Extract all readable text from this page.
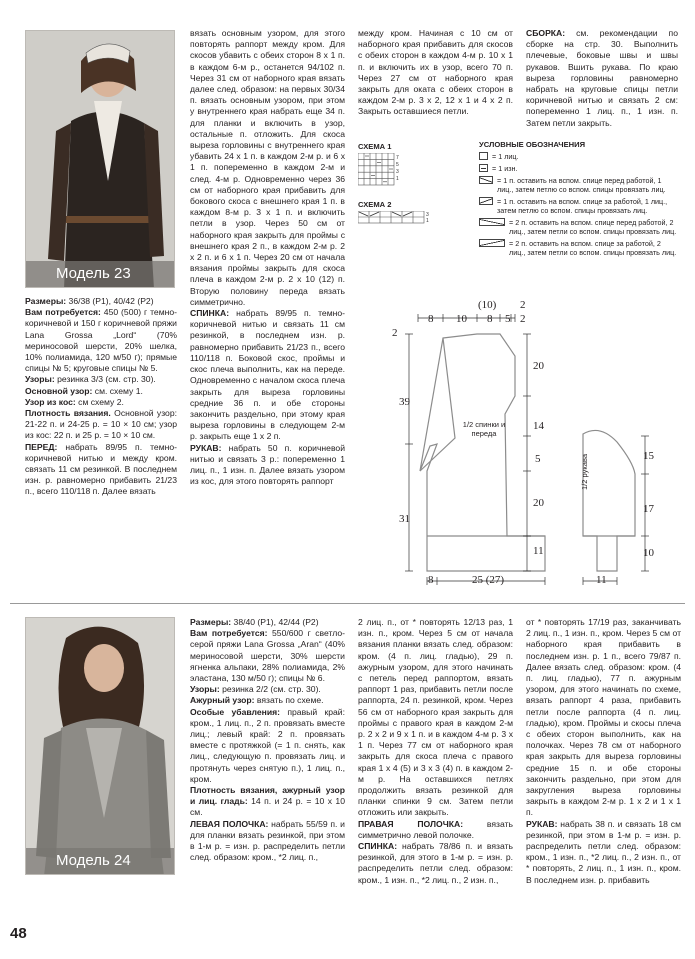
Модель 23

Размеры: 36/38 (P1), 40/42 (P2)

Вам потребуется: 450 (500) г темно-коричневой и 150 г коричневой пряжи Lana Grossa „Lord“ (70% мериносовой шерсти, 20% шелка, 10% полиамида, 120 м/50 г); прямые спицы № 5; круговые спицы № 5.

Узоры: резинка 3/3 (см. стр. 30).

Основной узор: см. схему 1.

Узор из кос: см схему 2.

Плотность вязания. Основной узор: 21-22 п. и 24-25 р. = 10 × 10 см; узор из кос: 22 п. и 25 р. = 10 × 10 см.

ПЕРЕД: набрать 89/95 п. темно-коричневой нитью и между кром. связать 11 см резинкой. В последнем изн. р. равномерно прибавить 21/23 п., всего 110/118 п. Далее вязать

вязать основным узором, для этого повторять раппорт между кром. Для скосов убавить с обеих сторон 8 х 1 п. в каждом 6-м р., останется 94/102 п. Через 31 см от наборного края вязать далее след. образом: на первых 30/34 п. вязать основным узором, при этом у внутреннего края набрать еще 34 п. для планки и включить в узор, остальные п. отложить. Для скоса выреза горловины с внутреннего края убавить 24 х 1 п. в каждом 2-м р. и 6 х 1 п. попеременно в каждом 2-м и след. 4-м р. Одновременно через 36 см от наборного края прибавить для бокового скоса с внешнего края 1 п. в каждом 8-м р. 3 х 1 п. и включить петли в узор. Через 50 см от наборного края закрыть для проймы с внешнего края 2 п., в каждом 2-м р. 2 х 2 п. и 6 х 1 п. Через 20 см от начала вязания проймы закрыть для скоса плеча в каждом 2-м р. 2 х 10 (12) п. Вторую половину переда вязать симметрично.

СПИНКА: набрать 89/95 п. темно-коричневой нитью и связать 11 см резинкой, в последнем изн. р. равномерно прибавить 21/23 п., всего 110/118 п. Боковой скос, проймы и скос плеча выполнить, как на переде. Одновременно с началом скоса плеча закрыть для выреза горловины средние 36 п. и обе стороны закончить раздельно, при этому края выреза горловины в следующем 2-м р. закрыть еще 1 х 2 п.

РУКАВ: набрать 50 п. коричневой нитью и связать 3 р.: попеременно 1 лиц. п., 1 изн. п. Далее вязать узором из кос, для этого повторять раппорт

между кром. Начиная с 10 см от наборного края прибавить для скосов с обеих сторон в каждом 4-м р. 10 х 1 п. и включить их в узор, всего 70 п. Через 27 см от наборного края закрыть для оката с обеих сторон в каждом 2-м р. 3 х 2, 12 х 1 и 4 х 2 п. Закрыть оставшиеся петли.

СБОРКА: см. рекомендации по сборке на стр. 30. Выполнить плечевые, боковые швы и швы рукавов. Вшить рукава. По краю выреза горловины равномерно набрать на круговые спицы петли коричневой нитью и связать 2 см: попеременно 1 лиц. п., 1 изн. п. Затем петли закрыть.

СХЕМА 1
7
5
3
1
СХЕМА 2
3
1
УСЛОВНЫЕ ОБОЗНАЧЕНИЯ
= 1 лиц.
= 1 изн.
= 1 п. оставить на вспом. спице перед работой, 1 лиц., затем петлю со вспом. спицы провязать лиц.
= 1 п. оставить на вспом. спице за работой, 1 лиц., затем петлю со вспом. спицы провязать лиц.
= 2 п. оставить на вспом. спице перед работой, 2 лиц., затем петли со вспом. спицы провязать лиц.
= 2 п. оставить на вспом. спице за работой, 2 лиц., затем петли со вспом. спицы провязать лиц.
8 10 8 5 2
(10) 2
2
39
31
20
14
5
20
11
1/2 спинки и переда
1/2 рукава	15
17
10
8	25 (27)	11
Модель 24

Размеры: 38/40 (P1), 42/44 (P2)

Вам потребуется: 550/600 г светло-серой пряжи Lana Grossa „Aran“ (40% мериносовой шерсти, 30% шерсти ягненка альпаки, 28% полиамида, 2% эластана, 130 м/50 г); спицы № 6.

Узоры: резинка 2/2 (см. стр. 30).

Ажурный узор: вязать по схеме.

Особые убавления: правый край: кром., 1 лиц. п., 2 п. провязать вместе лиц.; левый край: 2 п. провязать вместе с протяжкой (= 1 п. снять, как лиц., следующую п. провязать лиц. и протянуть через снятую п.), 1 лиц. п., кром.

Плотность вязания, ажурный узор и лиц. гладь: 14 п. и 24 р. = 10 х 10 см.

ЛЕВАЯ ПОЛОЧКА: набрать 55/59 п. и для планки вязать резинкой, при этом в 1-м р. = изн. р. распределить петли след. образом: кром., *2 лиц. п.,

2 лиц. п., от * повторять 12/13 раз, 1 изн. п., кром. Через 5 см от начала вязания планки вязать след. образом: кром. (4 п. лиц. гладью), 29 п. ажурным узором, для этого начинать с петель перед раппортом, вязать раппорт 1 раз, прибавить петли после раппорта, 24 п. резинкой, кром. Через 56 см от наборного края закрыть для проймы с правого края в каждом 2-м р. 2 х 2 и 9 х 1 п. и в каждом 4-м р. 3 х 1 п. Через 77 см от наборного края закрыть для скоса плеча с правого края 1 х 4 (5) и 3 х 3 (4) п. в каждом 2-м р. На оставшихся петлях продолжить вязать резинкой для планки спинки 9 см. Затем петли отложить или закрыть.

ПРАВАЯ ПОЛОЧКА: вязать симметрично левой полочке.

СПИНКА: набрать 78/86 п. и вязать резинкой, для этого в 1-м р. = изн. р. распределить петли след. образом: кром., 1 изн. п., *2 лиц. п., 2 изн. п.,

от * повторять 17/19 раз, заканчивать 2 лиц. п., 1 изн. п., кром. Через 5 см от наборного края прибавить в последнем изн. р. 1 п., всего 79/87 п. Далее вязать след. образом: кром. (4 п. лиц. гладью), 77 п. ажурным узором, для этого начинать по схеме, вязать раппорт 4 раза, прибавить петли после раппорта (4 п. лиц. гладью), кром. Проймы и скосы плеча с обеих сторон выполнить, как на полочках. Через 78 см от наборного края закрыть для выреза горловины средние 15 п. и обе стороны закончить раздельно, при этом для закругления выреза горловины закрыть в каждом 2-м р. 1 х 2 и 1 х 1 п.

РУКАВ: набрать 38 п. и связать 18 см резинкой, при этом в 1-м р. = изн. р. распределить петли след. образом: кром., 1 изн. п., *2 лиц. п., 2 изн. п., от * повторять, 2 лиц. п., 1 изн. п., кром. В последнем изн. р. прибавить

48
